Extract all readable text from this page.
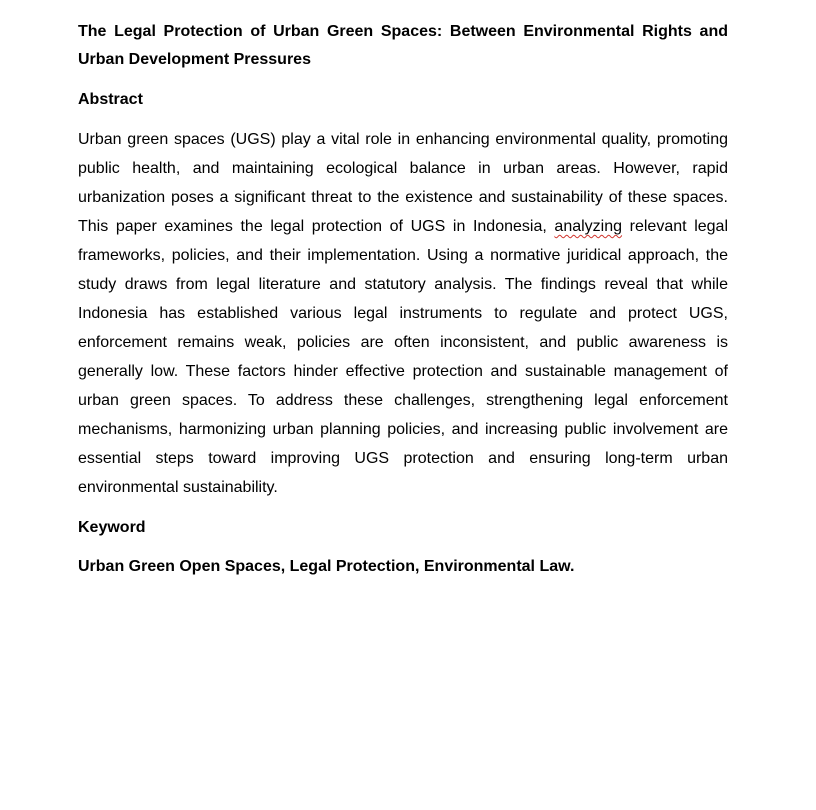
The Legal Protection of Urban Green Spaces: Between Environmental Rights and Urban Development Pressures

Abstract

Urban green spaces (UGS) play a vital role in enhancing environmental quality, promoting public health, and maintaining ecological balance in urban areas. However, rapid urbanization poses a significant threat to the existence and sustainability of these spaces. This paper examines the legal protection of UGS in Indonesia, analyzing relevant legal frameworks, policies, and their implementation. Using a normative juridical approach, the study draws from legal literature and statutory analysis. The findings reveal that while Indonesia has established various legal instruments to regulate and protect UGS, enforcement remains weak, policies are often inconsistent, and public awareness is generally low. These factors hinder effective protection and sustainable management of urban green spaces. To address these challenges, strengthening legal enforcement mechanisms, harmonizing urban planning policies, and increasing public involvement are essential steps toward improving UGS protection and ensuring long-term urban environmental sustainability.

Keyword

Urban Green Open Spaces, Legal Protection, Environmental Law.
